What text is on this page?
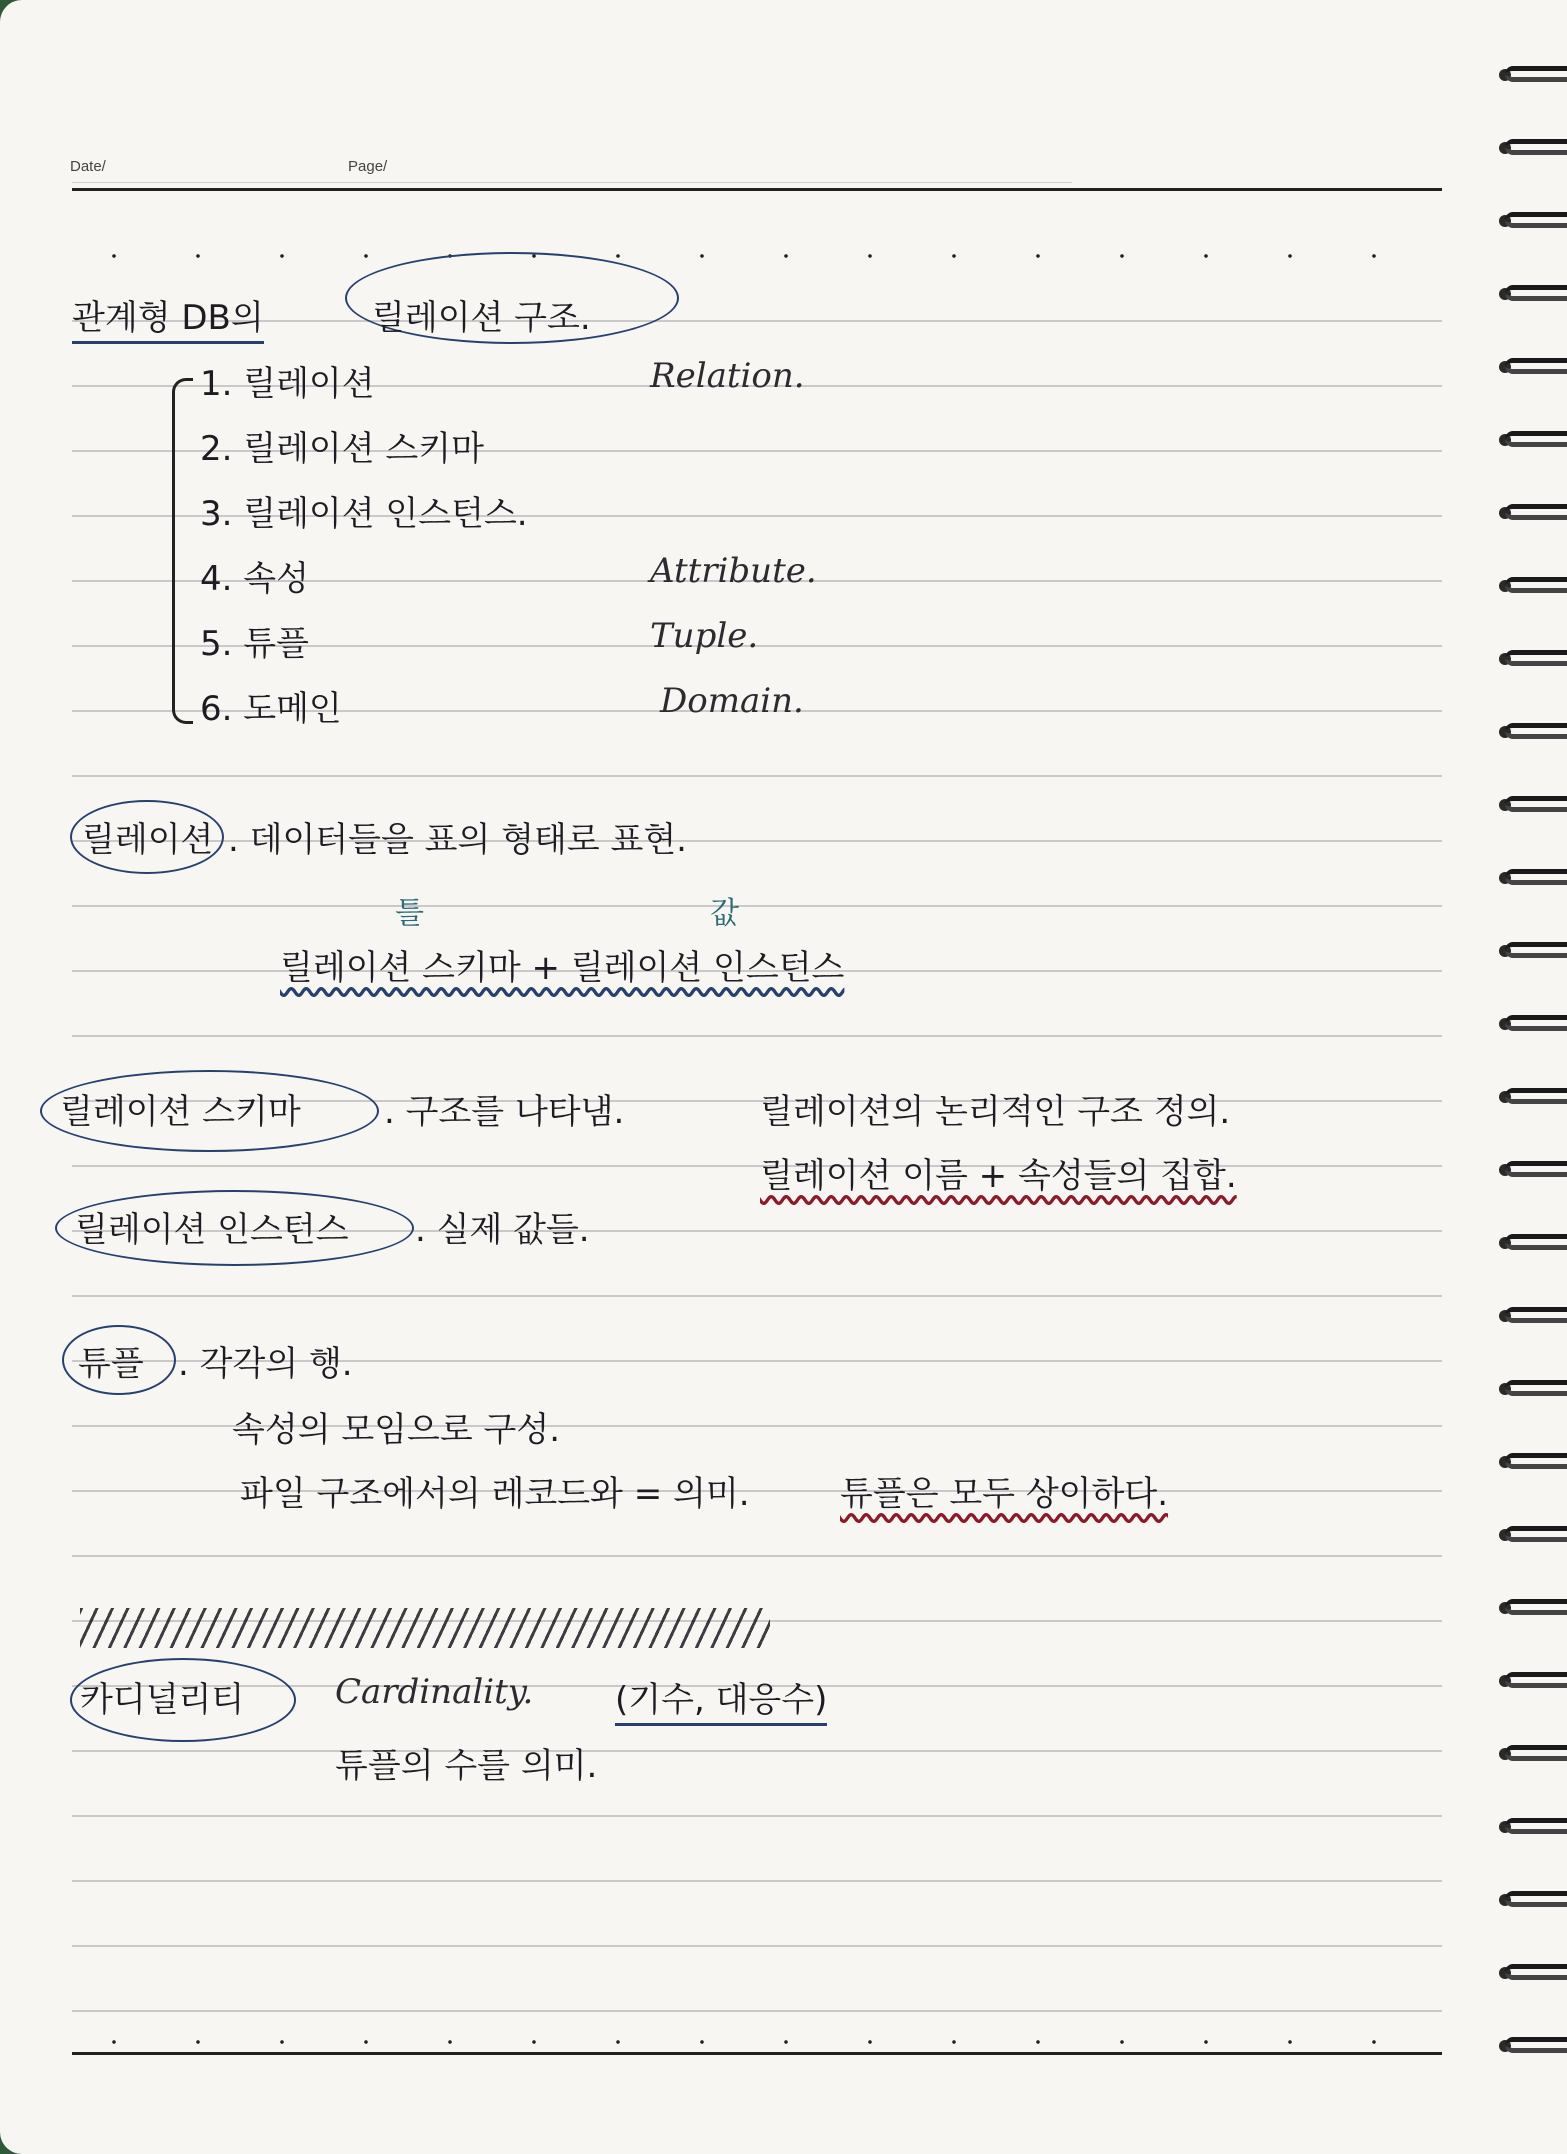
Date/	Page/
관계형 DB의	릴레이션 구조.
1. 릴레이션	Relation.
2. 릴레이션 스키마
3. 릴레이션 인스턴스.
4. 속성	Attribute.
5. 튜플	Tuple.
6. 도메인	Domain.
릴레이션 . 데이터들을 표의 형태로 표현.
틀	값
릴레이션 스키마 + 릴레이션 인스턴스
릴레이션 스키마 . 구조를 나타냄.	릴레이션의 논리적인 구조 정의.
릴레이션 이름 + 속성들의 집합.
릴레이션 인스턴스 . 실제 값들.
튜플 . 각각의 행.
속성의 모임으로 구성.
파일 구조에서의 레코드와 = 의미.	튜플은 모두 상이하다.
카디널리티	Cardinality. (기수, 대응수)
튜플의 수를 의미.
